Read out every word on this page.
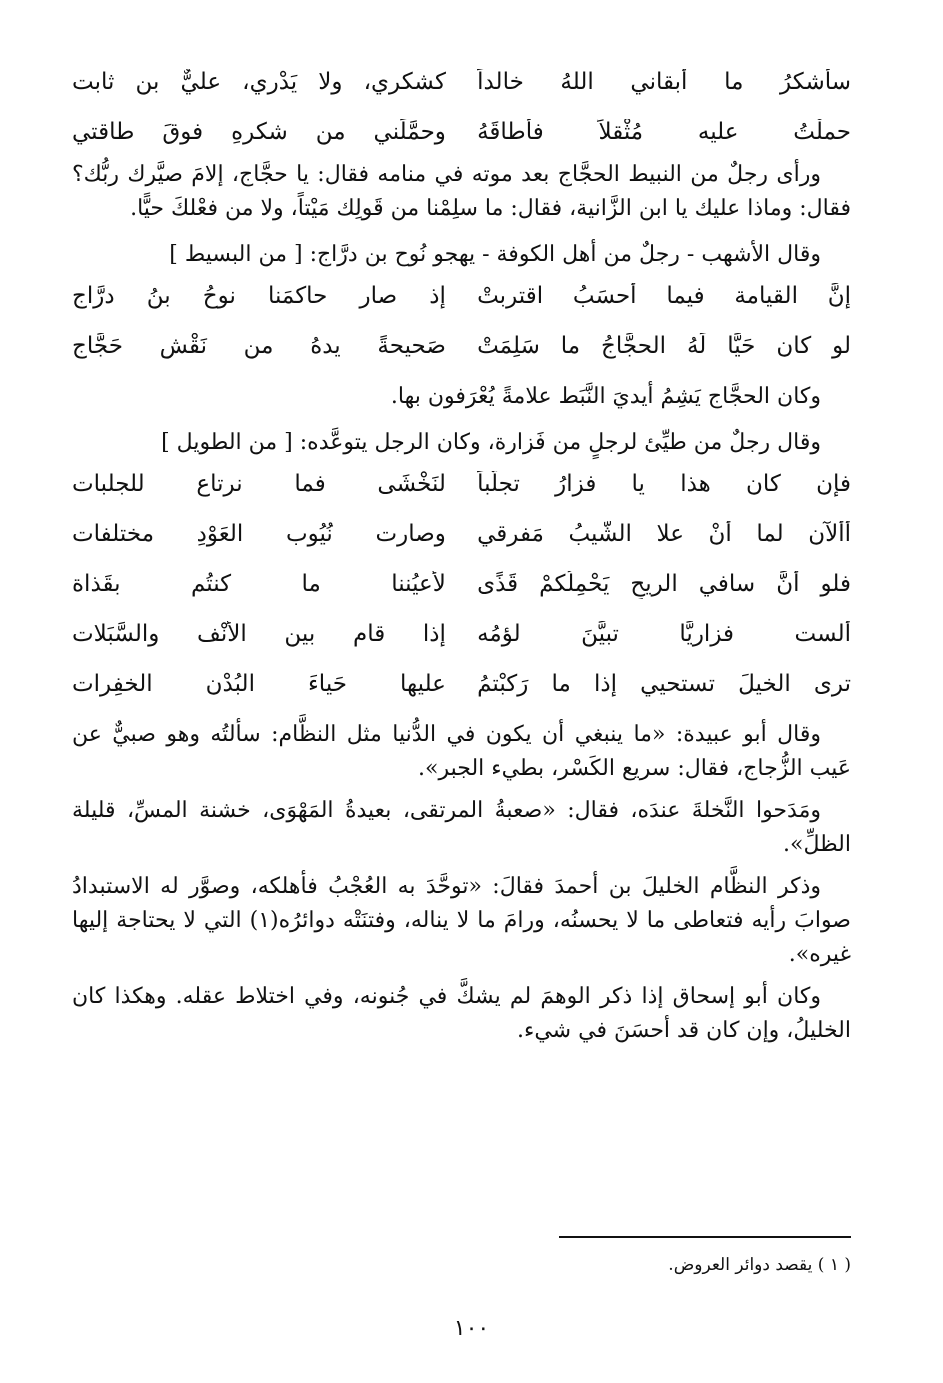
سأشكرُ ما أبقاني اللهُ خالداً
كشكري، ولا يَدْري، عليٌّ بن ثابت
حملْتُ عليه مُثْقلاً فأطاقَهُ
وحمَّلَني من شكرهِ فوقَ طاقتي

ورأى رجلٌ من النبيط الحجَّاج بعد موته في منامه فقال: يا حجَّاج، إلامَ صيَّرك ربُّك؟ فقال: وماذا عليك يا ابن الزَّانية، فقال: ما سلِمْنا من قَولِك مَيْتاً، ولا من فعْلكَ حيًّا.

وقال الأشهب - رجلٌ من أهل الكوفة - يهجو نُوح بن درَّاج: [ من البسيط ]

إنَّ القيامة فيما أحسَبُ اقتربتْ
إذ صار حاكمَنا نوحُ بنُ درَّاجِ
لو كان حَيًّا لَهُ الحجَّاجُ ما سَلِمَتْ
صَحيحةً يدهُ من نَقْش حَجَّاجِ

وكان الحجَّاج يَشِمُ أيديَ النَّبَط علامةً يُعْرَفون بها.

وقال رجلٌ من طيِّئ لرجلٍ من فَزارة، وكان الرجل يتوعَّده: [ من الطويل ]

فإن كان هذا يا فزارُ تجلُّباً
لنَخْشَى فما نرتاع للجلبات
أألآن لما أنْ علا الشَّيبُ مَفرقي
وصارت نُيُوب العَوْدِ مختلفات
فلو أنَّ سافي الريحِ يَحْمِلُكمْ قَذًى
لأعيُننا ما كنتُم بقَذاة
ألست فزاريًّا تبيَّنَ لؤمُه
إذا قام بين الأنْف والسَّبَلات
ترى الخيلَ تستحيي إذا ما رَكبْتمُ
عليها حَياءَ البُدْن الخفِرات

وقال أبو عبيدة: «ما ينبغي أن يكون في الدُّنيا مثل النظَّام: سألتُه وهو صبيٌّ عن عَيب الزُّجاج، فقال: سريع الكَسْر، بطيء الجبر».

ومَدَحوا النَّخلةَ عندَه، فقال: «صعبةُ المرتقى، بعيدةُ المَهْوَى، خشنة المسِّ، قليلة الظلِّ».

وذكر النظَّام الخليلَ بن أحمدَ فقالَ: «توحَّدَ به العُجْبُ فأهلكه، وصوَّر له الاستبدادُ صوابَ رأيه فتعاطى ما لا يحسنُه، ورامَ ما لا يناله، وفتنَتْه دوائرُه(١) التي لا يحتاجة إليها غيره».

وكان أبو إسحاق إذا ذكر الوهمَ لم يشكَّ في جُنونه، وفي اختلاط عقله. وهكذا كان الخليلُ، وإن كان قد أحسَنَ في شيء.

( ١ ) يقصد دوائر العروض.
١٠٠
